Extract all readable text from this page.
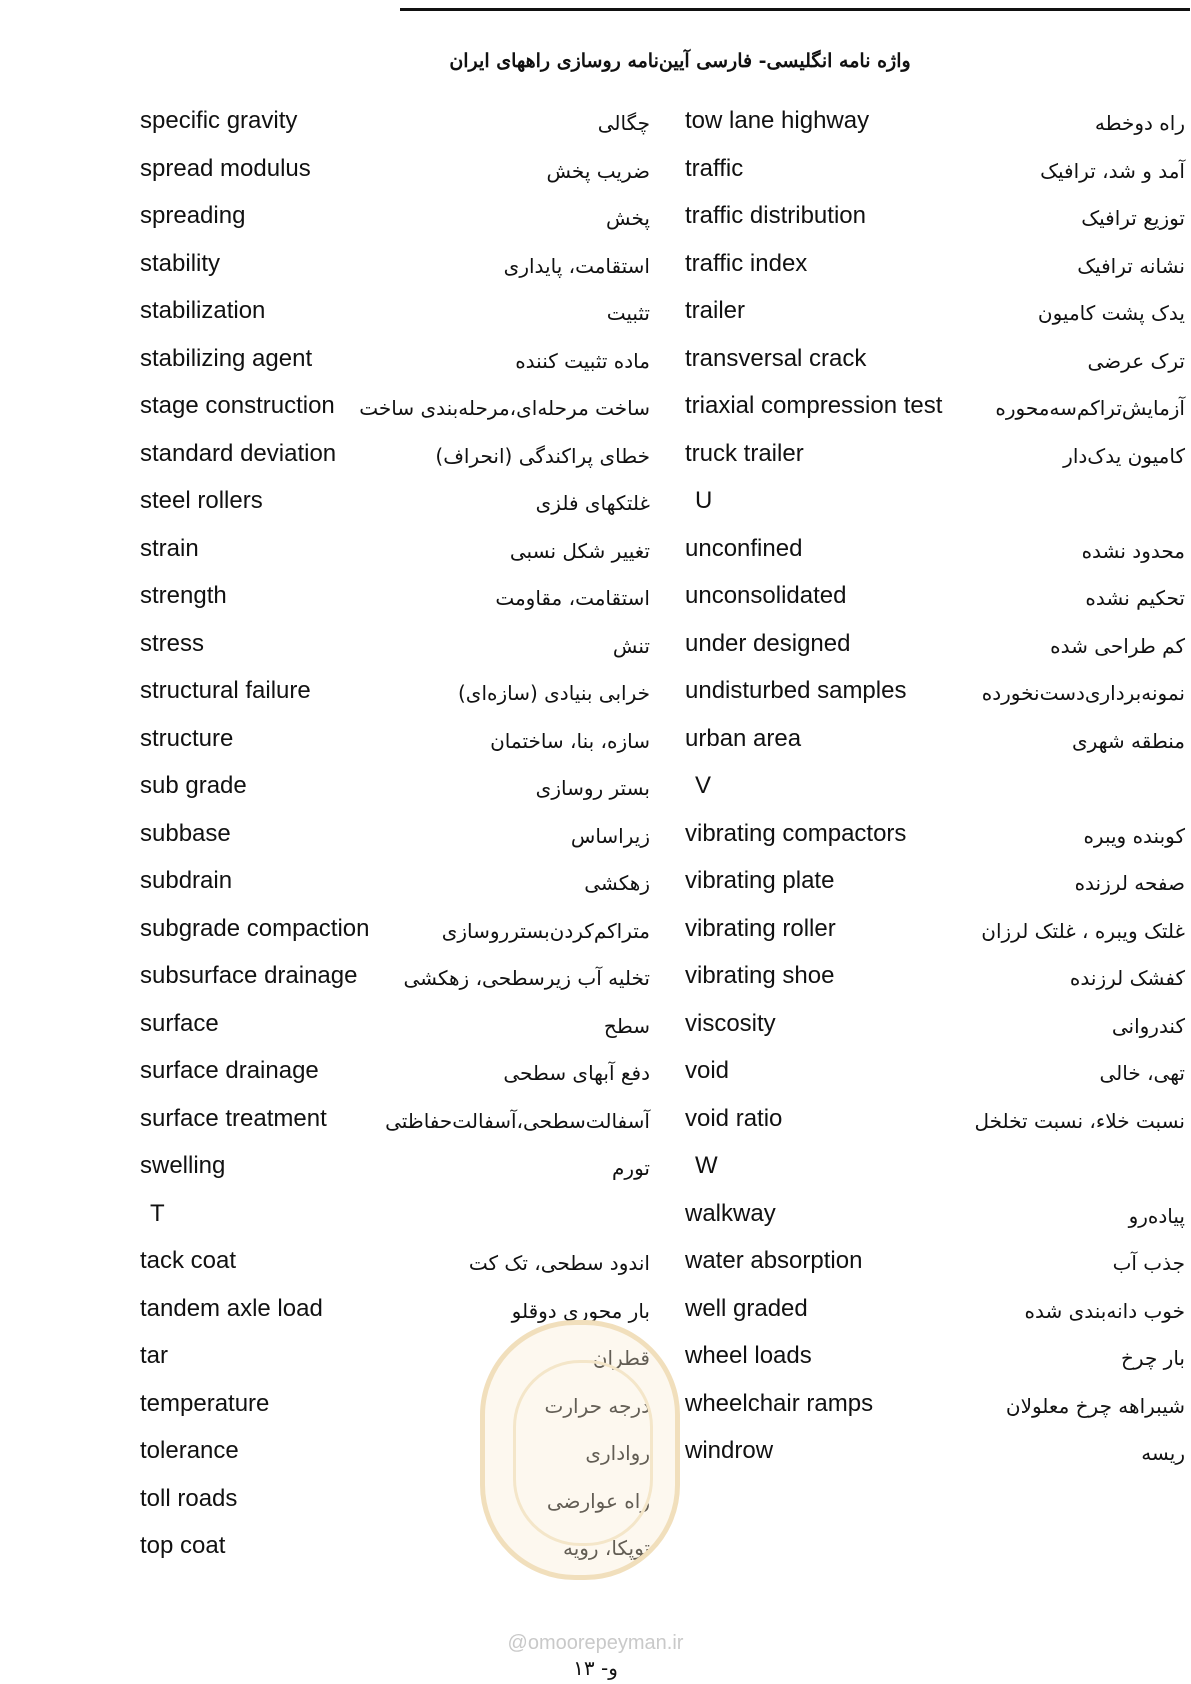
واژه نامه انگلیسی- فارسی آیین‌نامه روسازی راههای ایران
specific gravity	چگالی
spread modulus	ضریب پخش
spreading	پخش
stability	استقامت، پایداری
stabilization	تثبیت
stabilizing agent	ماده تثبیت کننده
stage construction ساخت مرحله‌ای،مرحله‌بندی ساخت
standard deviation	خطای پراکندگی (انحراف)
steel rollers	غلتکهای فلزی
strain	تغییر شکل نسبی
strength	استقامت، مقاومت
stress	تنش
structural failure	خرابی بنیادی (سازه‌ای)
structure	سازه، بنا، ساختمان
sub grade	بستر روسازی
subbase	زیراساس
subdrain	زهکشی
subgrade compaction	متراکم‌کردن‌بستر‌روسازی
subsurface drainage تخلیه آب زیرسطحی، زهکشی
surface	سطح
surface drainage	دفع آبهای سطحی
surface treatment	آسفالت‌سطحی،آسفالت‌حفاظتی
swelling	تورم
T
tack coat	اندود سطحی، تک کت
tandem axle load	بار محوری دوقلو
tar	قطران
temperature	درجه حرارت
tolerance	رواداری
toll roads	راه عوارضی
top coat	توپکا، رویه
tow lane highway	راه دوخطه
traffic	آمد و شد، ترافیک
traffic distribution	توزیع ترافیک
traffic index	نشانه ترافیک
trailer	یدک پشت کامیون
transversal crack	ترک عرضی
triaxial compression test	آزمایش‌تراکم‌سه‌محوره
truck trailer	کامیون یدک‌دار
U
unconfined	محدود نشده
unconsolidated	تحکیم نشده
under designed	کم طراحی شده
undisturbed samples	نمونه‌برداری‌دست‌نخورده
urban area	منطقه شهری
V
vibrating compactors	کوبنده ویبره
vibrating plate	صفحه لرزنده
vibrating roller	غلتک ویبره ، غلتک لرزان
vibrating shoe	کفشک لرزنده
viscosity	کندروانی
void	تهی، خالی
void ratio	نسبت خلاء، نسبت تخلخل
W
walkway	پیاده‌رو
water absorption	جذب آب
well graded	خوب دانه‌بندی شده
wheel loads	بار چرخ
wheelchair ramps	شیبراهه چرخ معلولان
windrow	ریسه
@omoorepeyman.ir
و- ۱۳
